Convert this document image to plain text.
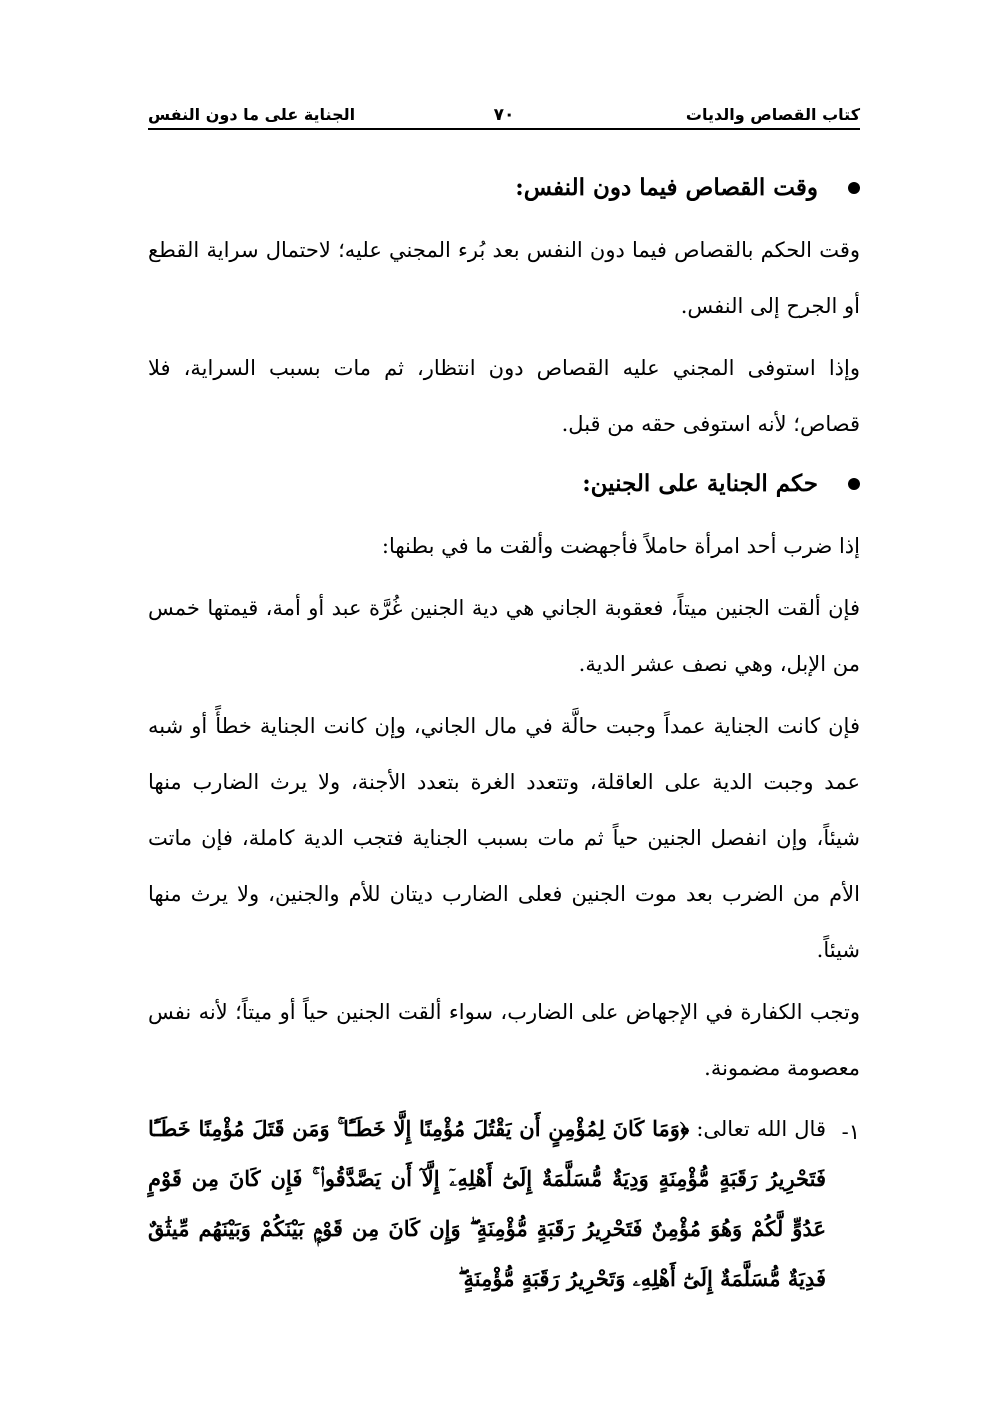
كتاب القصاص والديات
٧٠
الجناية على ما دون النفس
وقت القصاص فيما دون النفس:

وقت الحكم بالقصاص فيما دون النفس بعد بُرء المجني عليه؛ لاحتمال سراية القطع أو الجرح إلى النفس.

وإذا استوفى المجني عليه القصاص دون انتظار، ثم مات بسبب السراية، فلا قصاص؛ لأنه استوفى حقه من قبل.

حكم الجناية على الجنين:

إذا ضرب أحد امرأة حاملاً فأجهضت وألقت ما في بطنها:

فإن ألقت الجنين ميتاً، فعقوبة الجاني هي دية الجنين غُرَّة عبد أو أمة، قيمتها خمس من الإبل، وهي نصف عشر الدية.

فإن كانت الجناية عمداً وجبت حالَّة في مال الجاني، وإن كانت الجناية خطأً أو شبه عمد وجبت الدية على العاقلة، وتتعدد الغرة بتعدد الأجنة، ولا يرث الضارب منها شيئاً، وإن انفصل الجنين حياً ثم مات بسبب الجناية فتجب الدية كاملة، فإن ماتت الأم من الضرب بعد موت الجنين فعلى الضارب ديتان للأم والجنين، ولا يرث منها شيئاً.

وتجب الكفارة في الإجهاض على الضارب، سواء ألقت الجنين حياً أو ميتاً؛ لأنه نفس معصومة مضمونة.

١-
قال الله تعالى: ﴿وَمَا كَانَ لِمُؤْمِنٍ أَن يَقْتُلَ مُؤْمِنًا إِلَّا خَطَـًٔا ۚ وَمَن قَتَلَ مُؤْمِنًا خَطَـًٔا فَتَحْرِيرُ رَقَبَةٍ مُّؤْمِنَةٍ وَدِيَةٌ مُّسَلَّمَةٌ إِلَىٰٓ أَهْلِهِۦٓ إِلَّآ أَن يَصَّدَّقُوا۟ ۚ فَإِن كَانَ مِن قَوْمٍ عَدُوٍّ لَّكُمْ وَهُوَ مُؤْمِنٌ فَتَحْرِيرُ رَقَبَةٍ مُّؤْمِنَةٍ ۖ وَإِن كَانَ مِن قَوْمٍۭ بَيْنَكُمْ وَبَيْنَهُم مِّيثَٰقٌ فَدِيَةٌ مُّسَلَّمَةٌ إِلَىٰٓ أَهْلِهِۦ وَتَحْرِيرُ رَقَبَةٍ مُّؤْمِنَةٍ ۖ
